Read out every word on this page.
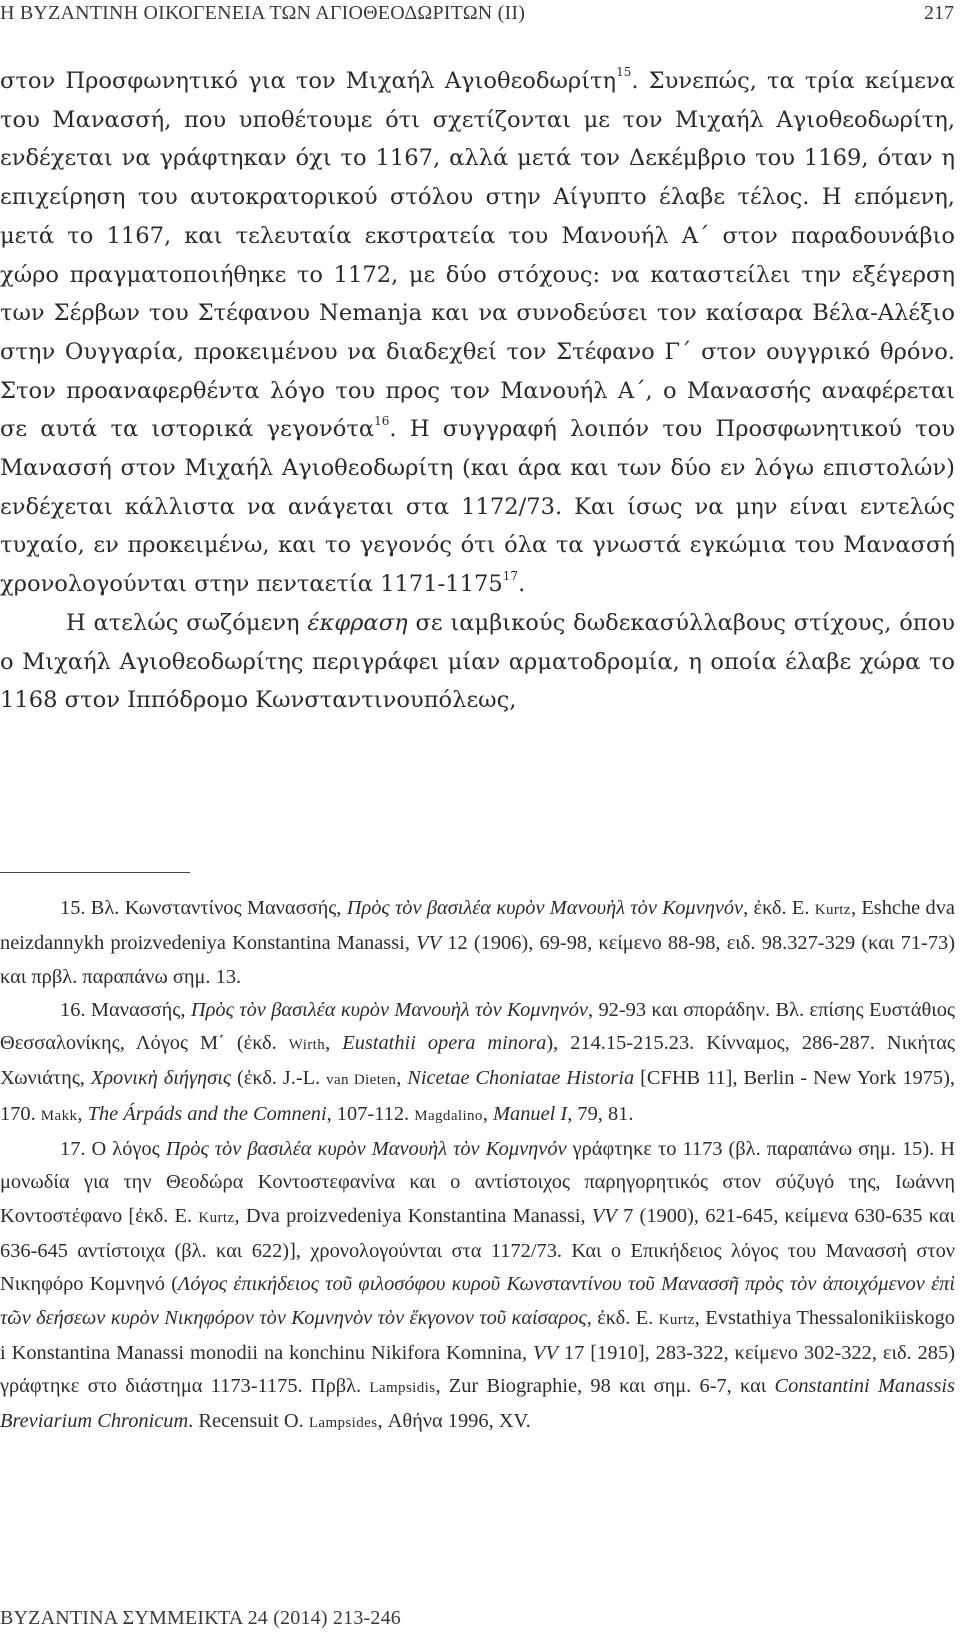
Η ΒΥΖΑΝΤΙΝΗ ΟΙΚΟΓΕΝΕΙΑ ΤΩΝ ΑΓΙΟΘΕΟΔΩΡΙΤΩΝ (ΙΙ)	217

στον Προσφωνητικό για τον Μιχαήλ Αγιοθεοδωρίτη$^{15}$. Συνεπώς, τα τρία κείμενα του Μανασσή, που υποθέτουμε ότι σχετίζονται με τον Μιχαήλ Αγιοθεοδωρίτη, ενδέχεται να γράφτηκαν όχι το 1167, αλλά μετά τον Δεκέμβριο του 1169, όταν η επιχείρηση του αυτοκρατορικού στόλου στην Αίγυπτο έλαβε τέλος. Η επόμενη, μετά το 1167, και τελευταία εκστρατεία του Μανουήλ Α΄ στον παραδουνάβιο χώρο πραγματοποιήθηκε το 1172, με δύο στόχους: να καταστείλει την εξέγερση των Σέρβων του Στέφανου Nemanja και να συνοδεύσει τον καίσαρα Βέλα-Αλέξιο στην Ουγγαρία, προκειμένου να διαδεχθεί τον Στέφανο Γ΄ στον ουγγρικό θρόνο. Στον προαναφερθέντα λόγο του προς τον Μανουήλ Α΄, ο Μανασσής αναφέρεται σε αυτά τα ιστορικά γεγονότα$^{16}$. Η συγγραφή λοιπόν του Προσφωνητικού του Μανασσή στον Μιχαήλ Αγιοθεοδωρίτη (και άρα και των δύο εν λόγω επιστολών) ενδέχεται κάλλιστα να ανάγεται στα 1172/73. Και ίσως να μην είναι εντελώς τυχαίο, εν προκειμένω, και το γεγονός ότι όλα τα γνωστά εγκώμια του Μανασσή χρονολογούνται στην πενταετία 1171-1175$^{17}$.

Η ατελώς σωζόμενη έκφραση σε ιαμβικούς δωδεκασύλλαβους στίχους, όπου ο Μιχαήλ Αγιοθεοδωρίτης περιγράφει μίαν αρματοδρομία, η οποία έλαβε χώρα το 1168 στον Ιππόδρομο Κωνσταντινουπόλεως,

15. Βλ. Κωνσταντίνος Μανασσής, Πρὸς τὸν βασιλέα κυρὸν Μανουὴλ τὸν Κομνηνόν, ἐκδ. Ε. Kurtz, Eshche dva neizdannykh proizvedeniya Konstantina Manassi, VV 12 (1906), 69-98, κείμενο 88-98, ειδ. 98.327-329 (και 71-73) και πρβλ. παραπάνω σημ. 13.

16. Μανασσής, Πρὸς τὸν βασιλέα κυρὸν Μανουὴλ τὸν Κομνηνόν, 92-93 και σποράδην. Βλ. επίσης Ευστάθιος Θεσσαλονίκης, Λόγος Μ΄ (ἐκδ. Wirth, Eustathii opera minora), 214.15-215.23. Κίνναμος, 286-287. Νικήτας Χωνιάτης, Χρονικὴ διήγησις (ἐκδ. J.-L. van Dieten, Nicetae Choniatae Historia [CFHB 11], Berlin - New York 1975), 170. Makk, The Árpáds and the Comneni, 107-112. Magdalino, Manuel I, 79, 81.

17. Ο λόγος Πρὸς τὸν βασιλέα κυρὸν Μανουὴλ τὸν Κομνηνόν γράφτηκε το 1173 (βλ. παραπάνω σημ. 15). Η μονωδία για την Θεοδώρα Κοντοστεφανίνα και ο αντίστοιχος παρηγορητικός στον σύζυγό της, Ιωάννη Κοντοστέφανο [ἐκδ. Ε. Kurtz, Dva proizvedeniya Konstantina Manassi, VV 7 (1900), 621-645, κείμενα 630-635 και 636-645 αντίστοιχα (βλ. και 622)], χρονολογούνται στα 1172/73. Και ο Επικήδειος λόγος του Μανασσή στον Νικηφόρο Κομνηνό (Λόγος ἐπικήδειος τοῦ φιλοσόφου κυροῦ Κωνσταντίνου τοῦ Μανασσῆ πρὸς τὸν ἀποιχόμενον ἐπὶ τῶν δεήσεων κυρὸν Νικηφόρον τὸν Κομνηνὸν τὸν ἔκγονον τοῦ καίσαρος, ἐκδ. Ε. Kurtz, Evstathiya Thessalonikiiskogo i Konstantina Manassi monodii na konchinu Nikifora Komnina, VV 17 [1910], 283-322, κείμενο 302-322, ειδ. 285) γράφτηκε στο διάστημα 1173-1175. Πρβλ. Lampsidis, Zur Biographie, 98 και σημ. 6-7, και Constantini Manassis Breviarium Chronicum. Recensuit O. Lampsides, Αθήνα 1996, XV.

ΒΥΖΑΝΤΙΝΑ ΣΥΜΜΕΙΚΤΑ 24 (2014) 213-246
